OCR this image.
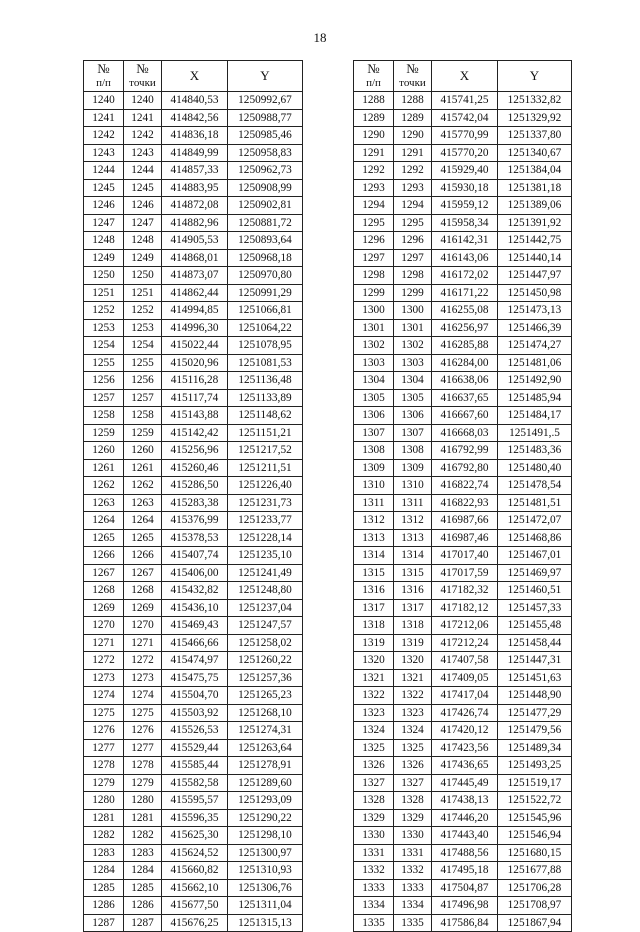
18
№
п/п	№
точки	X	Y
1240	1240	414840,53	1250992,67
1241	1241	414842,56	1250988,77
1242	1242	414836,18	1250985,46
1243	1243	414849,99	1250958,83
1244	1244	414857,33	1250962,73
1245	1245	414883,95	1250908,99
1246	1246	414872,08	1250902,81
1247	1247	414882,96	1250881,72
1248	1248	414905,53	1250893,64
1249	1249	414868,01	1250968,18
1250	1250	414873,07	1250970,80
1251	1251	414862,44	1250991,29
1252	1252	414994,85	1251066,81
1253	1253	414996,30	1251064,22
1254	1254	415022,44	1251078,95
1255	1255	415020,96	1251081,53
1256	1256	415116,28	1251136,48
1257	1257	415117,74	1251133,89
1258	1258	415143,88	1251148,62
1259	1259	415142,42	1251151,21
1260	1260	415256,96	1251217,52
1261	1261	415260,46	1251211,51
1262	1262	415286,50	1251226,40
1263	1263	415283,38	1251231,73
1264	1264	415376,99	1251233,77
1265	1265	415378,53	1251228,14
1266	1266	415407,74	1251235,10
1267	1267	415406,00	1251241,49
1268	1268	415432,82	1251248,80
1269	1269	415436,10	1251237,04
1270	1270	415469,43	1251247,57
1271	1271	415466,66	1251258,02
1272	1272	415474,97	1251260,22
1273	1273	415475,75	1251257,36
1274	1274	415504,70	1251265,23
1275	1275	415503,92	1251268,10
1276	1276	415526,53	1251274,31
1277	1277	415529,44	1251263,64
1278	1278	415585,44	1251278,91
1279	1279	415582,58	1251289,60
1280	1280	415595,57	1251293,09
1281	1281	415596,35	1251290,22
1282	1282	415625,30	1251298,10
1283	1283	415624,52	1251300,97
1284	1284	415660,82	1251310,93
1285	1285	415662,10	1251306,76
1286	1286	415677,50	1251311,04
1287	1287	415676,25	1251315,13
№
п/п	№
точки	X	Y
1288	1288	415741,25	1251332,82
1289	1289	415742,04	1251329,92
1290	1290	415770,99	1251337,80
1291	1291	415770,20	1251340,67
1292	1292	415929,40	1251384,04
1293	1293	415930,18	1251381,18
1294	1294	415959,12	1251389,06
1295	1295	415958,34	1251391,92
1296	1296	416142,31	1251442,75
1297	1297	416143,06	1251440,14
1298	1298	416172,02	1251447,97
1299	1299	416171,22	1251450,98
1300	1300	416255,08	1251473,13
1301	1301	416256,97	1251466,39
1302	1302	416285,88	1251474,27
1303	1303	416284,00	1251481,06
1304	1304	416638,06	1251492,90
1305	1305	416637,65	1251485,94
1306	1306	416667,60	1251484,17
1307	1307	416668,03	1251491,.5
1308	1308	416792,99	1251483,36
1309	1309	416792,80	1251480,40
1310	1310	416822,74	1251478,54
1311	1311	416822,93	1251481,51
1312	1312	416987,66	1251472,07
1313	1313	416987,46	1251468,86
1314	1314	417017,40	1251467,01
1315	1315	417017,59	1251469,97
1316	1316	417182,32	1251460,51
1317	1317	417182,12	1251457,33
1318	1318	417212,06	1251455,48
1319	1319	417212,24	1251458,44
1320	1320	417407,58	1251447,31
1321	1321	417409,05	1251451,63
1322	1322	417417,04	1251448,90
1323	1323	417426,74	1251477,29
1324	1324	417420,12	1251479,56
1325	1325	417423,56	1251489,34
1326	1326	417436,65	1251493,25
1327	1327	417445,49	1251519,17
1328	1328	417438,13	1251522,72
1329	1329	417446,20	1251545,96
1330	1330	417443,40	1251546,94
1331	1331	417488,56	1251680,15
1332	1332	417495,18	1251677,88
1333	1333	417504,87	1251706,28
1334	1334	417496,98	1251708,97
1335	1335	417586,84	1251867,94
